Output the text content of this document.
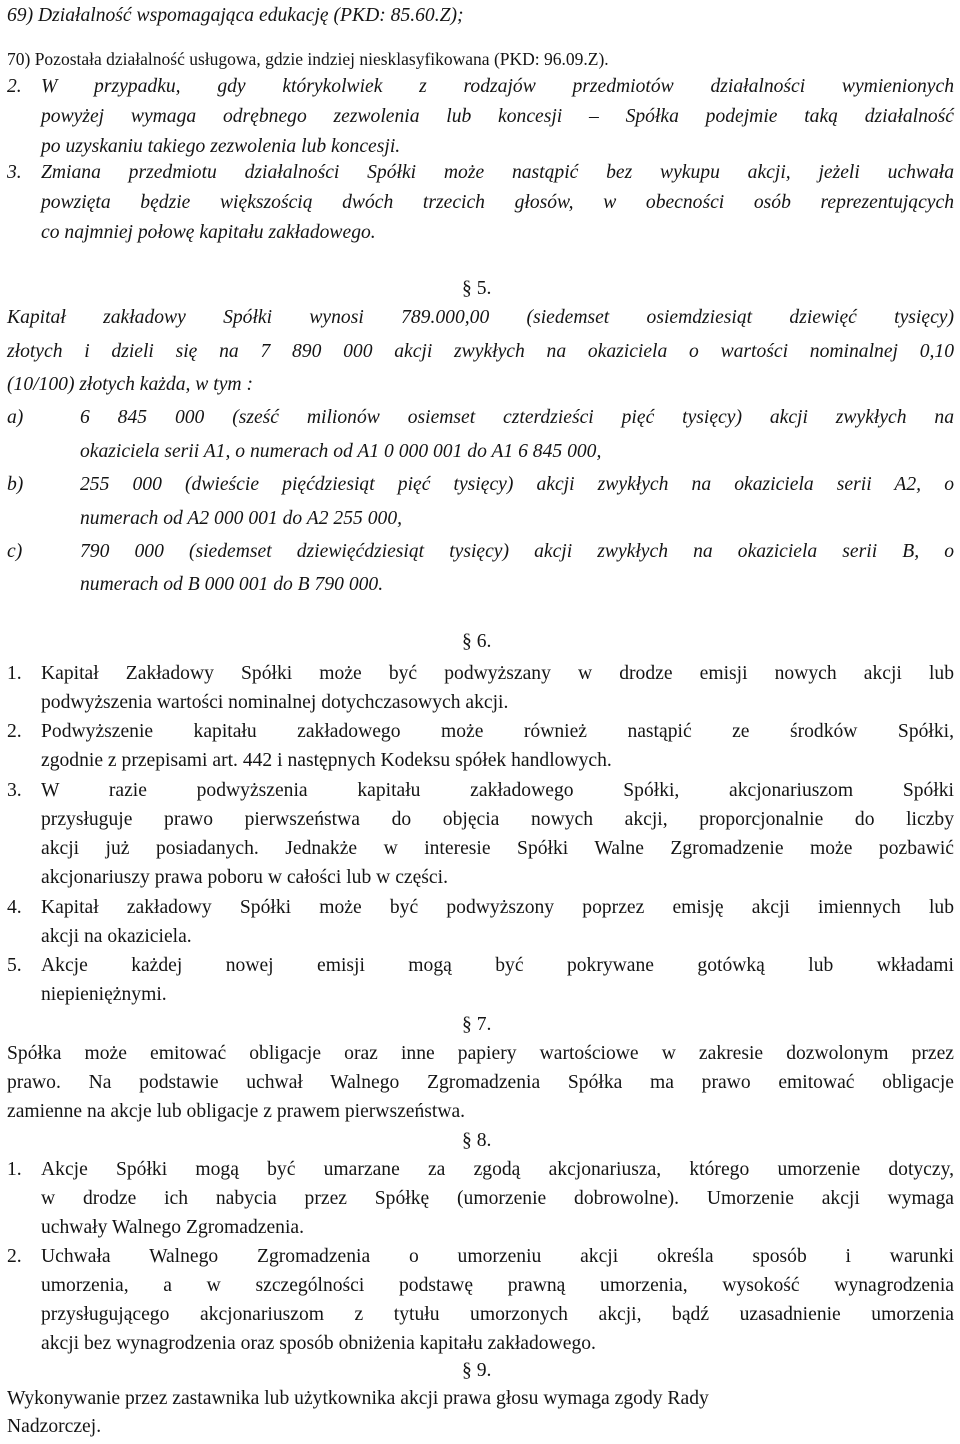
69) Działalność wspomagająca edukację (PKD: 85.60.Z);
70) Pozostała działalność usługowa, gdzie indziej niesklasyfikowana (PKD: 96.09.Z).
2. W przypadku, gdy którykolwiek z rodzajów przedmiotów działalności wymienionych
powyżej wymaga odrębnego zezwolenia lub koncesji – Spółka podejmie taką działalność
po uzyskaniu takiego zezwolenia lub koncesji.
3. Zmiana przedmiotu działalności Spółki może nastąpić bez wykupu akcji, jeżeli uchwała
powzięta będzie większością dwóch trzecich głosów, w obecności osób reprezentujących
co najmniej połowę kapitału zakładowego.
§ 5.
Kapitał zakładowy Spółki wynosi 789.000,00 (siedemset osiemdziesiąt dziewięć tysięcy)
złotych i dzieli się na 7 890 000 akcji zwykłych na okaziciela o wartości nominalnej 0,10
(10/100) złotych każda, w tym :
a)	6 845 000 (sześć milionów osiemset czterdzieści pięć tysięcy) akcji zwykłych na
okaziciela serii A1, o numerach od A1 0 000 001 do A1 6 845 000,
b)	255 000 (dwieście pięćdziesiąt pięć tysięcy) akcji zwykłych na okaziciela serii A2, o
numerach od A2 000 001 do A2 255 000,
c)	790 000 (siedemset dziewięćdziesiąt tysięcy) akcji zwykłych na okaziciela serii B, o
numerach od B 000 001 do B 790 000.
§ 6.
1. Kapitał Zakładowy Spółki może być podwyższany w drodze emisji nowych akcji lub
podwyższenia wartości nominalnej dotychczasowych akcji.
2. Podwyższenie kapitału zakładowego może również nastąpić ze środków Spółki,
zgodnie z przepisami art. 442 i następnych Kodeksu spółek handlowych.
3. W razie podwyższenia kapitału zakładowego Spółki, akcjonariuszom Spółki
przysługuje prawo pierwszeństwa do objęcia nowych akcji, proporcjonalnie do liczby
akcji już posiadanych. Jednakże w interesie Spółki Walne Zgromadzenie może pozbawić
akcjonariuszy prawa poboru w całości lub w części.
4. Kapitał zakładowy Spółki może być podwyższony poprzez emisję akcji imiennych lub
akcji na okaziciela.
5. Akcje każdej nowej emisji mogą być pokrywane gotówką lub wkładami
niepieniężnymi.
§ 7.
Spółka może emitować obligacje oraz inne papiery wartościowe w zakresie dozwolonym przez
prawo. Na podstawie uchwał Walnego Zgromadzenia Spółka ma prawo emitować obligacje
zamienne na akcje lub obligacje z prawem pierwszeństwa.
§ 8.
1. Akcje Spółki mogą być umarzane za zgodą akcjonariusza, którego umorzenie dotyczy,
w drodze ich nabycia przez Spółkę (umorzenie dobrowolne). Umorzenie akcji wymaga
uchwały Walnego Zgromadzenia.
2. Uchwała Walnego Zgromadzenia o umorzeniu akcji określa sposób i warunki
umorzenia, a w szczególności podstawę prawną umorzenia, wysokość wynagrodzenia
przysługującego akcjonariuszom z tytułu umorzonych akcji, bądź uzasadnienie umorzenia
akcji bez wynagrodzenia oraz sposób obniżenia kapitału zakładowego.
§ 9.
Wykonywanie przez zastawnika lub użytkownika akcji prawa głosu wymaga zgody Rady
Nadzorczej.
